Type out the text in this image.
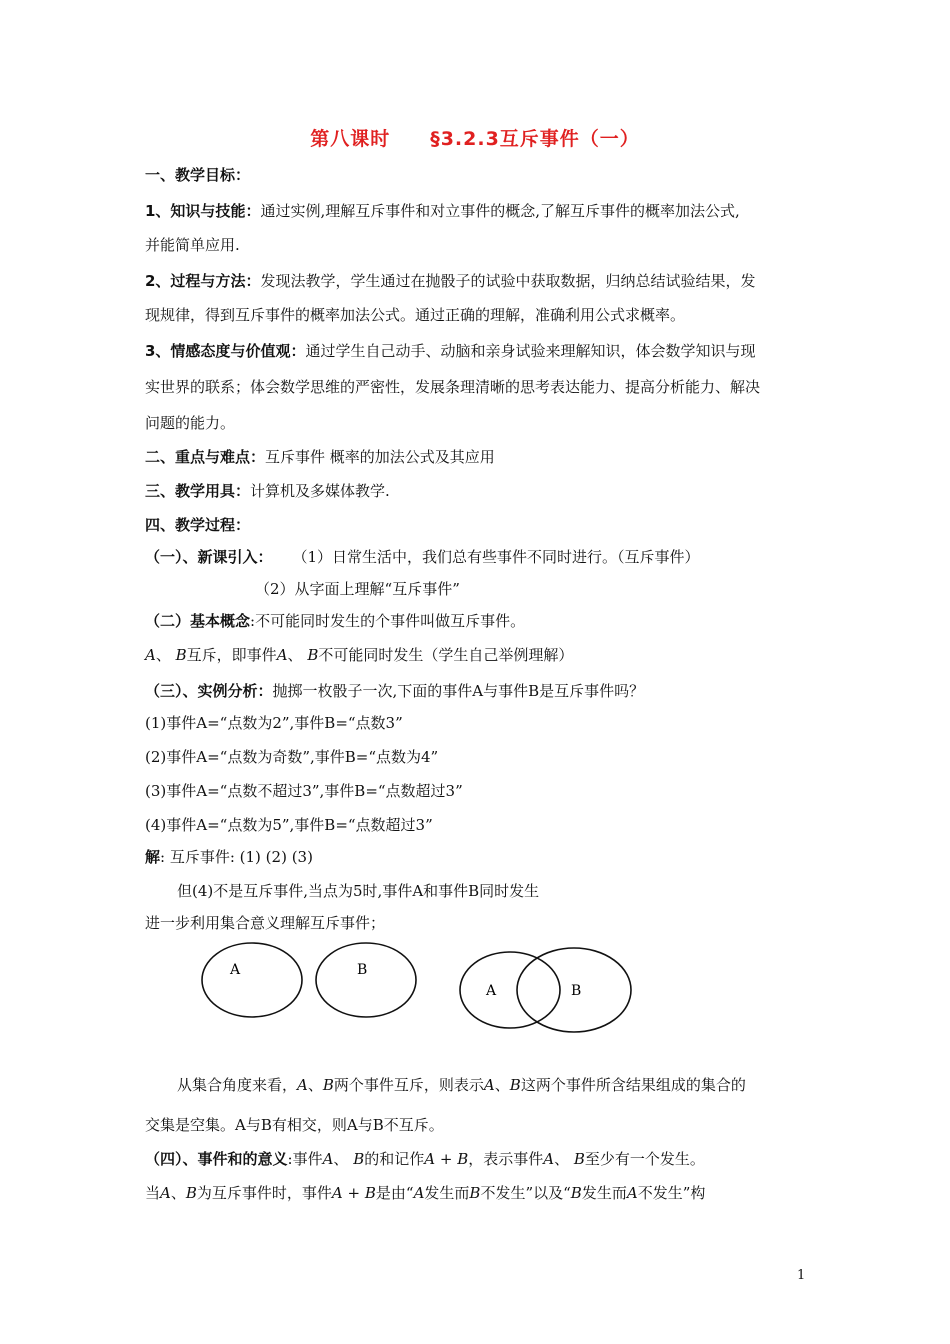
第八课时 §3.2.3互斥事件（一）
一、教学目标：
1、知识与技能：通过实例,理解互斥事件和对立事件的概念,了解互斥事件的概率加法公式,
并能简单应用.
2、过程与方法：发现法教学，学生通过在抛骰子的试验中获取数据，归纳总结试验结果，发
现规律，得到互斥事件的概率加法公式。通过正确的理解，准确利用公式求概率。
3、情感态度与价值观：通过学生自己动手、动脑和亲身试验来理解知识，体会数学知识与现
实世界的联系；体会数学思维的严密性，发展条理清晰的思考表达能力、提高分析能力、解决
问题的能力。
二、重点与难点：互斥事件 概率的加法公式及其应用
三、教学用具：计算机及多媒体教学.
四、教学过程：
（一）、新课引入： （1）日常生活中，我们总有些事件不同时进行。（互斥事件）
（2）从字面上理解“互斥事件”
（二）基本概念:不可能同时发生的个事件叫做互斥事件。
A、 B互斥，即事件A、 B不可能同时发生（学生自己举例理解）
（三）、实例分析：抛掷一枚骰子一次,下面的事件A与事件B是互斥事件吗？
(1)事件A=“点数为2”,事件B=“点数3”
(2)事件A=“点数为奇数”,事件B=“点数为4”
(3)事件A=“点数不超过3”,事件B=“点数超过3”
(4)事件A=“点数为5”,事件B=“点数超过3”
解: 互斥事件: (1) (2) (3)
但(4)不是互斥事件,当点为5时,事件A和事件B同时发生
进一步利用集合意义理解互斥事件；
A	B
A	B
从集合角度来看，A、B两个事件互斥，则表示A、B这两个事件所含结果组成的集合的
交集是空集。A与B有相交，则A与B不互斥。
（四）、事件和的意义:事件A、 B的和记作A + B，表示事件A、 B至少有一个发生。
当A、B为互斥事件时，事件A + B是由“A发生而B不发生”以及“B发生而A不发生”构
1
